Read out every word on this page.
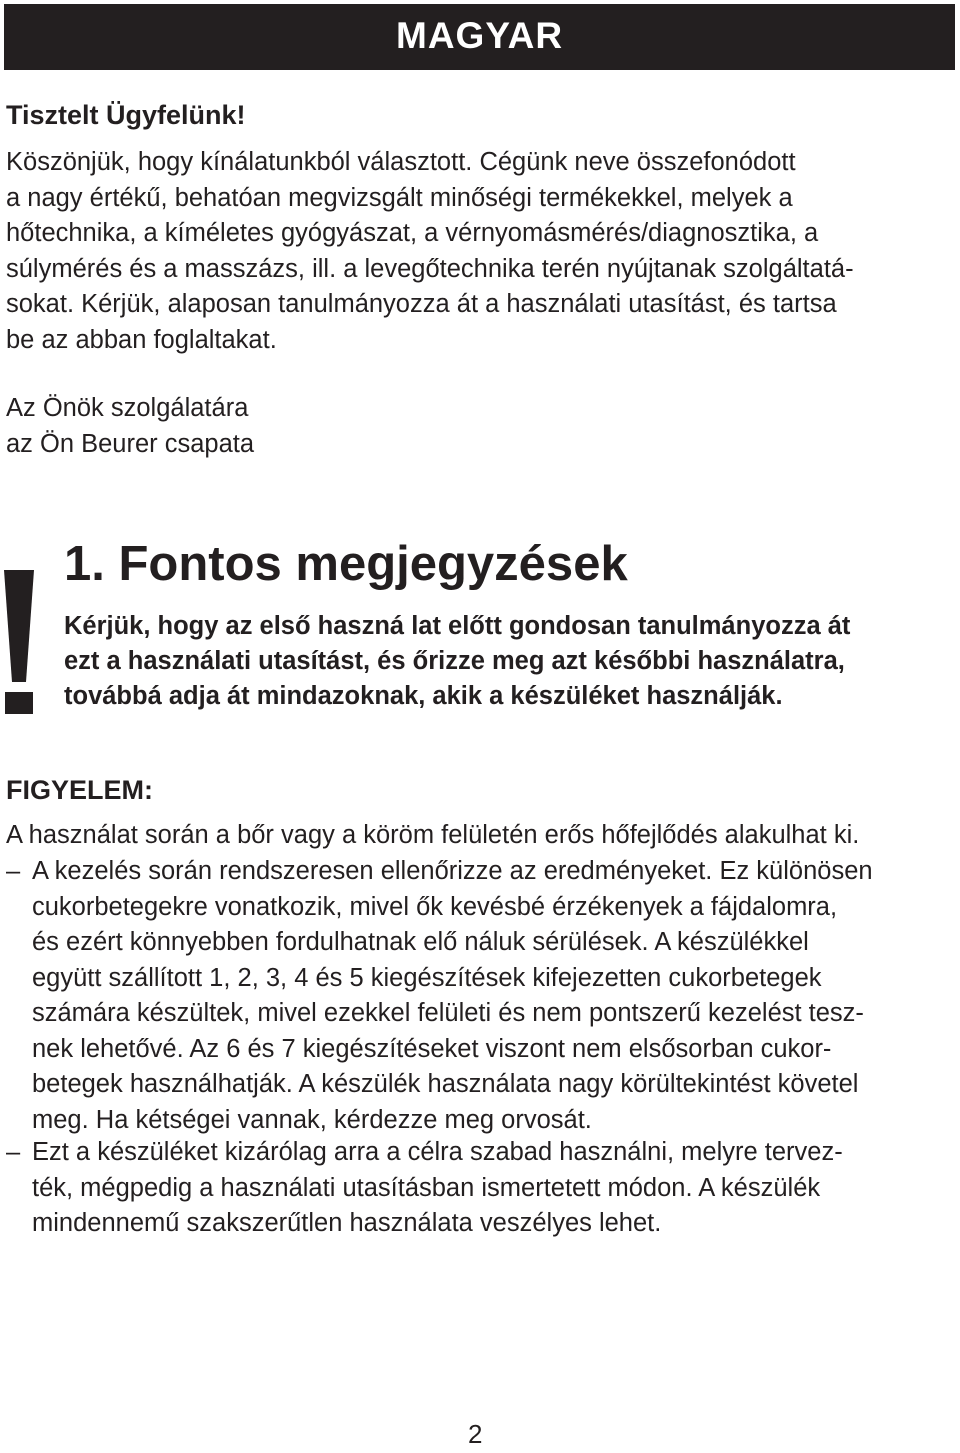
MAGYAR
Tisztelt Ügyfelünk!
Köszönjük, hogy kínálatunkból választott. Cégünk neve összefonódott
a nagy értékű, behatóan megvizsgált minőségi termékekkel, melyek a
hőtechnika, a kíméletes gyógyászat, a vérnyomásmérés/diagnosztika, a
súlymérés és a masszázs, ill. a levegőtechnika terén nyújtanak szolgáltatá-
sokat. Kérjük, alaposan tanulmányozza át a használati utasítást, és tartsa
be az abban foglaltakat.
Az Önök szolgálatára
az Ön Beurer csapata
1. Fontos megjegyzések
Kérjük, hogy az első haszná lat előtt gondosan tanulmányozza át
ezt a használati utasítást, és őrizze meg azt későbbi használatra,
továbbá adja át mindazoknak, akik a készüléket használják.
FIGYELEM:
A használat során a bőr vagy a köröm felületén erős hőfejlődés alakulhat ki.
– A kezelés során rendszeresen ellenőrizze az eredményeket. Ez különösen
cukorbetegekre vonatkozik, mivel ők kevésbé érzékenyek a fájdalomra,
és ezért könnyebben fordulhatnak elő náluk sérülések. A készülékkel
együtt szállított 1, 2, 3, 4 és 5 kiegészítések kifejezetten cukorbetegek
számára készültek, mivel ezekkel felületi és nem pontszerű kezelést tesz-
nek lehetővé. Az 6 és 7 kiegészítéseket viszont nem elsősorban cukor-
betegek használhatják. A készülék használata nagy körültekintést követel
meg. Ha kétségei vannak, kérdezze meg orvosát.
– Ezt a készüléket kizárólag arra a célra szabad használni, melyre tervez-
ték, mégpedig a használati utasításban ismertetett módon. A készülék
mindennemű szakszerűtlen használata veszélyes lehet.
2
